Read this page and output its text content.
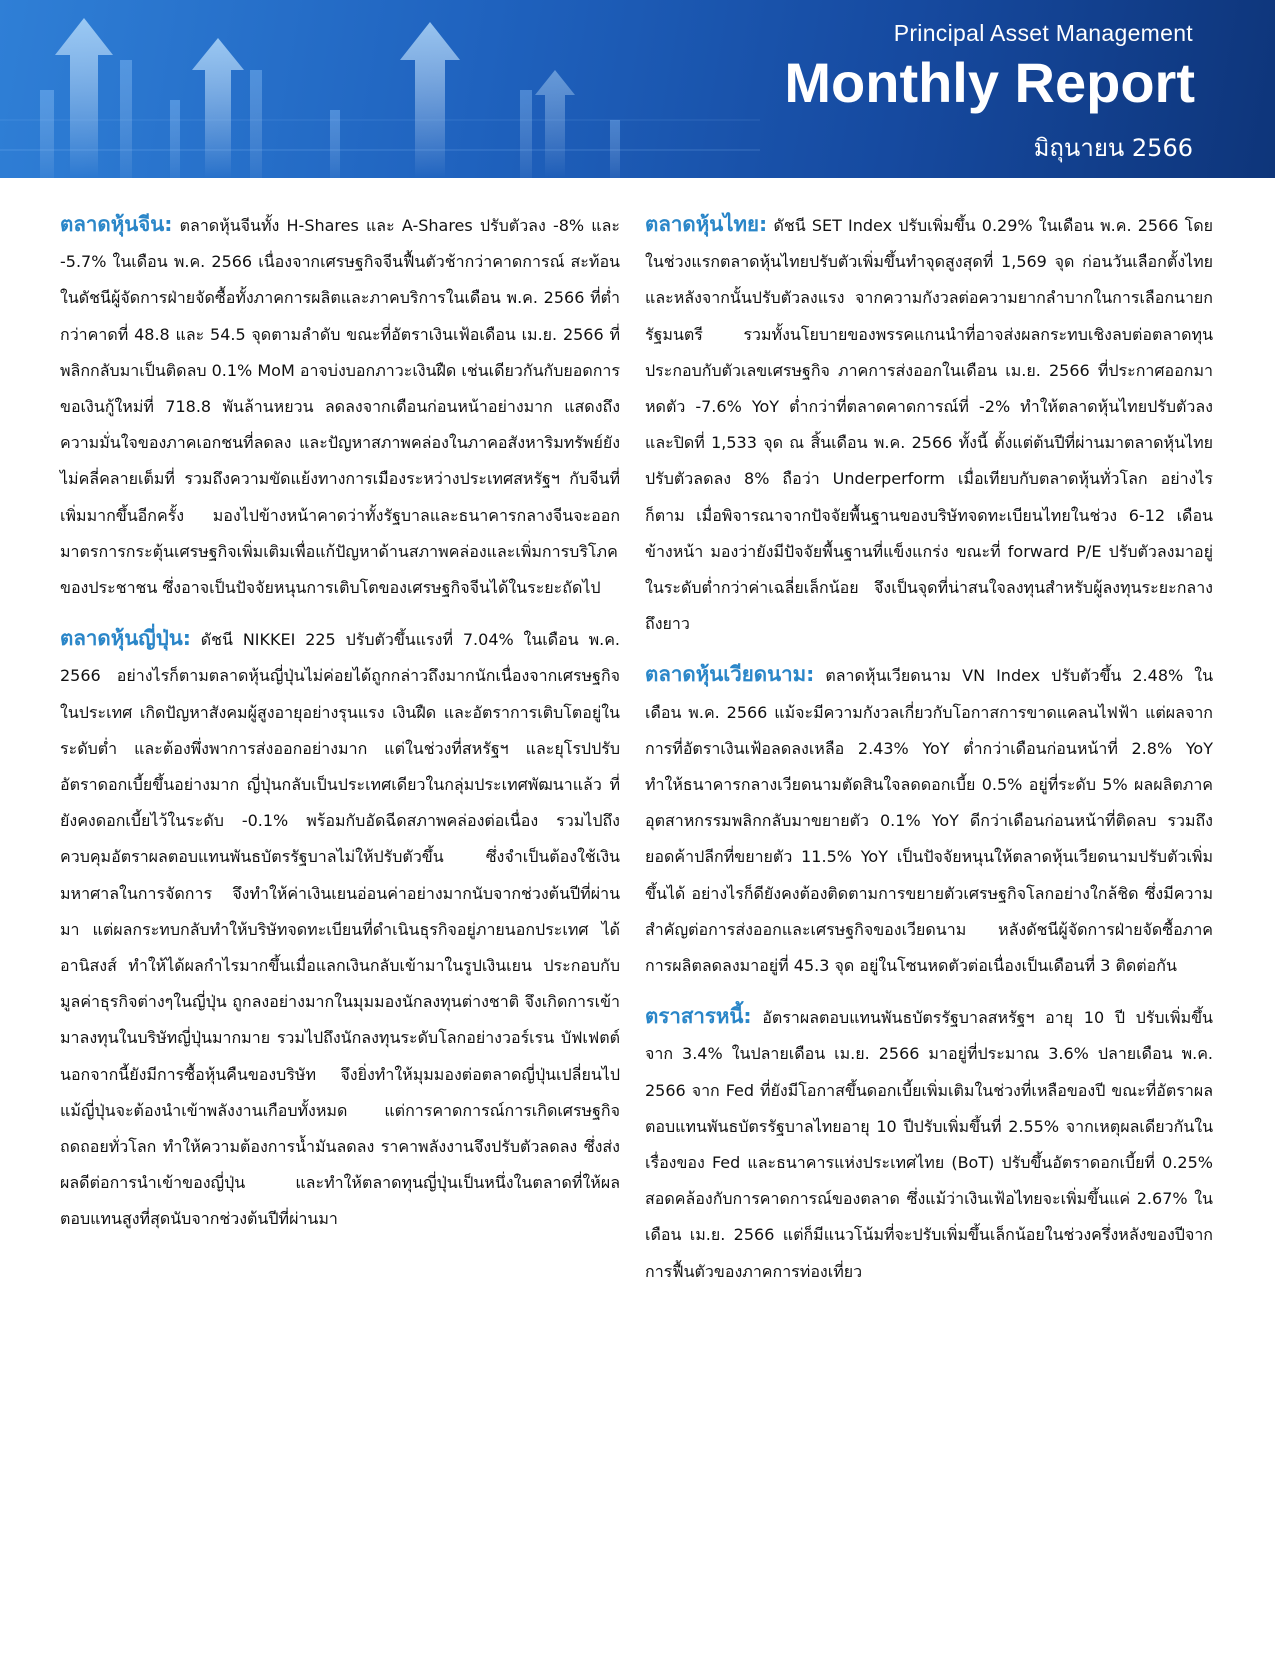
Principal Asset Management
Monthly Report
มิถุนายน 2566

ตลาดหุ้นจีน: ตลาดหุ้นจีนทั้ง H-Shares และ A-Shares ปรับตัวลง -8% และ -5.7% ในเดือน พ.ค. 2566 เนื่องจากเศรษฐกิจจีนฟื้นตัวช้ากว่าคาดการณ์ สะท้อนในดัชนีผู้จัดการฝ่ายจัดซื้อทั้งภาคการผลิตและภาคบริการในเดือน พ.ค. 2566 ที่ต่ำกว่าคาดที่ 48.8 และ 54.5 จุดตามลำดับ ขณะที่อัตราเงินเฟ้อเดือน เม.ย. 2566 ที่พลิกกลับมาเป็นติดลบ 0.1% MoM อาจบ่งบอกภาวะเงินฝืด เช่นเดียวกันกับยอดการขอเงินกู้ใหม่ที่ 718.8 พันล้านหยวน ลดลงจากเดือนก่อนหน้าอย่างมาก แสดงถึงความมั่นใจของภาคเอกชนที่ลดลง และปัญหาสภาพคล่องในภาคอสังหาริมทรัพย์ยังไม่คลี่คลายเต็มที่ รวมถึงความขัดแย้งทางการเมืองระหว่างประเทศสหรัฐฯ กับจีนที่เพิ่มมากขึ้นอีกครั้ง มองไปข้างหน้าคาดว่าทั้งรัฐบาลและธนาคารกลางจีนจะออกมาตรการกระตุ้นเศรษฐกิจเพิ่มเติมเพื่อแก้ปัญหาด้านสภาพคล่องและเพิ่มการบริโภคของประชาชน ซึ่งอาจเป็นปัจจัยหนุนการเติบโตของเศรษฐกิจจีนได้ในระยะถัดไป

ตลาดหุ้นญี่ปุ่น: ดัชนี NIKKEI 225 ปรับตัวขึ้นแรงที่ 7.04% ในเดือน พ.ค. 2566 อย่างไรก็ตามตลาดหุ้นญี่ปุ่นไม่ค่อยได้ถูกกล่าวถึงมากนักเนื่องจากเศรษฐกิจในประเทศ เกิดปัญหาสังคมผู้สูงอายุอย่างรุนแรง เงินฝืด และอัตราการเติบโตอยู่ในระดับต่ำ และต้องพึ่งพาการส่งออกอย่างมาก แต่ในช่วงที่สหรัฐฯ และยุโรปปรับอัตราดอกเบี้ยขึ้นอย่างมาก ญี่ปุ่นกลับเป็นประเทศเดียวในกลุ่มประเทศพัฒนาแล้ว ที่ยังคงดอกเบี้ยไว้ในระดับ -0.1% พร้อมกับอัดฉีดสภาพคล่องต่อเนื่อง รวมไปถึงควบคุมอัตราผลตอบแทนพันธบัตรรัฐบาลไม่ให้ปรับตัวขึ้น ซึ่งจำเป็นต้องใช้เงินมหาศาลในการจัดการ จึงทำให้ค่าเงินเยนอ่อนค่าอย่างมากนับจากช่วงต้นปีที่ผ่านมา แต่ผลกระทบกลับทำให้บริษัทจดทะเบียนที่ดำเนินธุรกิจอยู่ภายนอกประเทศ ได้อานิสงส์ ทำให้ได้ผลกำไรมากขึ้นเมื่อแลกเงินกลับเข้ามาในรูปเงินเยน ประกอบกับมูลค่าธุรกิจต่างๆในญี่ปุ่น ถูกลงอย่างมากในมุมมองนักลงทุนต่างชาติ จึงเกิดการเข้ามาลงทุนในบริษัทญี่ปุ่นมากมาย รวมไปถึงนักลงทุนระดับโลกอย่างวอร์เรน บัฟเฟตต์ นอกจากนี้ยังมีการซื้อหุ้นคืนของบริษัท จึงยิ่งทำให้มุมมองต่อตลาดญี่ปุ่นเปลี่ยนไป แม้ญี่ปุ่นจะต้องนำเข้าพลังงานเกือบทั้งหมด แต่การคาดการณ์การเกิดเศรษฐกิจถดถอยทั่วโลก ทำให้ความต้องการน้ำมันลดลง ราคาพลังงานจึงปรับตัวลดลง ซึ่งส่งผลดีต่อการนำเข้าของญี่ปุ่น และทำให้ตลาดทุนญี่ปุ่นเป็นหนึ่งในตลาดที่ให้ผลตอบแทนสูงที่สุดนับจากช่วงต้นปีที่ผ่านมา

ตลาดหุ้นไทย: ดัชนี SET Index ปรับเพิ่มขึ้น 0.29% ในเดือน พ.ค. 2566 โดยในช่วงแรกตลาดหุ้นไทยปรับตัวเพิ่มขึ้นทำจุดสูงสุดที่ 1,569 จุด ก่อนวันเลือกตั้งไทย และหลังจากนั้นปรับตัวลงแรง จากความกังวลต่อความยากลำบากในการเลือกนายกรัฐมนตรี รวมทั้งนโยบายของพรรคแกนนำที่อาจส่งผลกระทบเชิงลบต่อตลาดทุน ประกอบกับตัวเลขเศรษฐกิจ ภาคการส่งออกในเดือน เม.ย. 2566 ที่ประกาศออกมาหดตัว -7.6% YoY ต่ำกว่าที่ตลาดคาดการณ์ที่ -2% ทำให้ตลาดหุ้นไทยปรับตัวลงและปิดที่ 1,533 จุด ณ สิ้นเดือน พ.ค. 2566 ทั้งนี้ ตั้งแต่ต้นปีที่ผ่านมาตลาดหุ้นไทยปรับตัวลดลง 8% ถือว่า Underperform เมื่อเทียบกับตลาดหุ้นทั่วโลก อย่างไรก็ตาม เมื่อพิจารณาจากปัจจัยพื้นฐานของบริษัทจดทะเบียนไทยในช่วง 6-12 เดือนข้างหน้า มองว่ายังมีปัจจัยพื้นฐานที่แข็งแกร่ง ขณะที่ forward P/E ปรับตัวลงมาอยู่ในระดับต่ำกว่าค่าเฉลี่ยเล็กน้อย จึงเป็นจุดที่น่าสนใจลงทุนสำหรับผู้ลงทุนระยะกลางถึงยาว

ตลาดหุ้นเวียดนาม: ตลาดหุ้นเวียดนาม VN Index ปรับตัวขึ้น 2.48% ในเดือน พ.ค. 2566 แม้จะมีความกังวลเกี่ยวกับโอกาสการขาดแคลนไฟฟ้า แต่ผลจากการที่อัตราเงินเฟ้อลดลงเหลือ 2.43% YoY ต่ำกว่าเดือนก่อนหน้าที่ 2.8% YoY ทำให้ธนาคารกลางเวียดนามตัดสินใจลดดอกเบี้ย 0.5% อยู่ที่ระดับ 5% ผลผลิตภาคอุตสาหกรรมพลิกกลับมาขยายตัว 0.1% YoY ดีกว่าเดือนก่อนหน้าที่ติดลบ รวมถึงยอดค้าปลีกที่ขยายตัว 11.5% YoY เป็นปัจจัยหนุนให้ตลาดหุ้นเวียดนามปรับตัวเพิ่มขึ้นได้ อย่างไรก็ดียังคงต้องติดตามการขยายตัวเศรษฐกิจโลกอย่างใกล้ชิด ซึ่งมีความสำคัญต่อการส่งออกและเศรษฐกิจของเวียดนาม หลังดัชนีผู้จัดการฝ่ายจัดซื้อภาคการผลิตลดลงมาอยู่ที่ 45.3 จุด อยู่ในโซนหดตัวต่อเนื่องเป็นเดือนที่ 3 ติดต่อกัน

ตราสารหนี้: อัตราผลตอบแทนพันธบัตรรัฐบาลสหรัฐฯ อายุ 10 ปี ปรับเพิ่มขึ้นจาก 3.4% ในปลายเดือน เม.ย. 2566 มาอยู่ที่ประมาณ 3.6% ปลายเดือน พ.ค. 2566 จาก Fed ที่ยังมีโอกาสขึ้นดอกเบี้ยเพิ่มเติมในช่วงที่เหลือของปี ขณะที่อัตราผลตอบแทนพันธบัตรรัฐบาลไทยอายุ 10 ปีปรับเพิ่มขึ้นที่ 2.55% จากเหตุผลเดียวกันในเรื่องของ Fed และธนาคารแห่งประเทศไทย (BoT) ปรับขึ้นอัตราดอกเบี้ยที่ 0.25% สอดคล้องกับการคาดการณ์ของตลาด ซึ่งแม้ว่าเงินเฟ้อไทยจะเพิ่มขึ้นแค่ 2.67% ในเดือน เม.ย. 2566 แต่ก็มีแนวโน้มที่จะปรับเพิ่มขึ้นเล็กน้อยในช่วงครึ่งหลังของปีจากการฟื้นตัวของภาคการท่องเที่ยว
